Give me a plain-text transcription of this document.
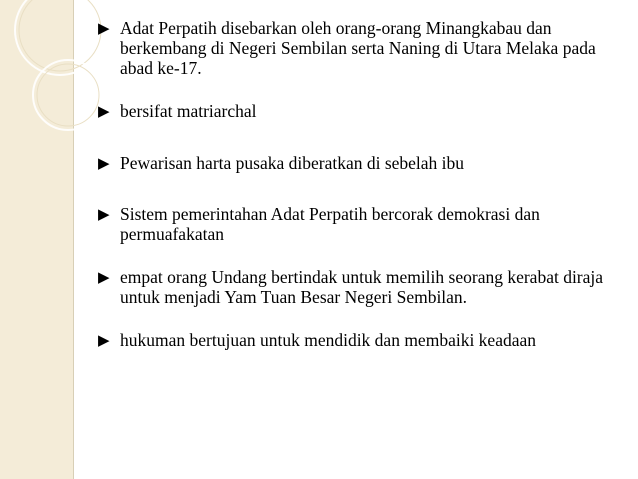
▶ Adat Perpatih disebarkan oleh orang-orang Minangkabau dan berkembang di Negeri Sembilan serta Naning di Utara Melaka pada abad ke-17.
▶ bersifat matriarchal
▶ Pewarisan harta pusaka diberatkan di sebelah ibu
▶ Sistem pemerintahan Adat Perpatih bercorak demokrasi dan permuafakatan
▶ empat orang Undang bertindak untuk memilih seorang kerabat diraja untuk menjadi Yam Tuan Besar Negeri Sembilan.
▶ hukuman bertujuan untuk mendidik dan membaiki keadaan
